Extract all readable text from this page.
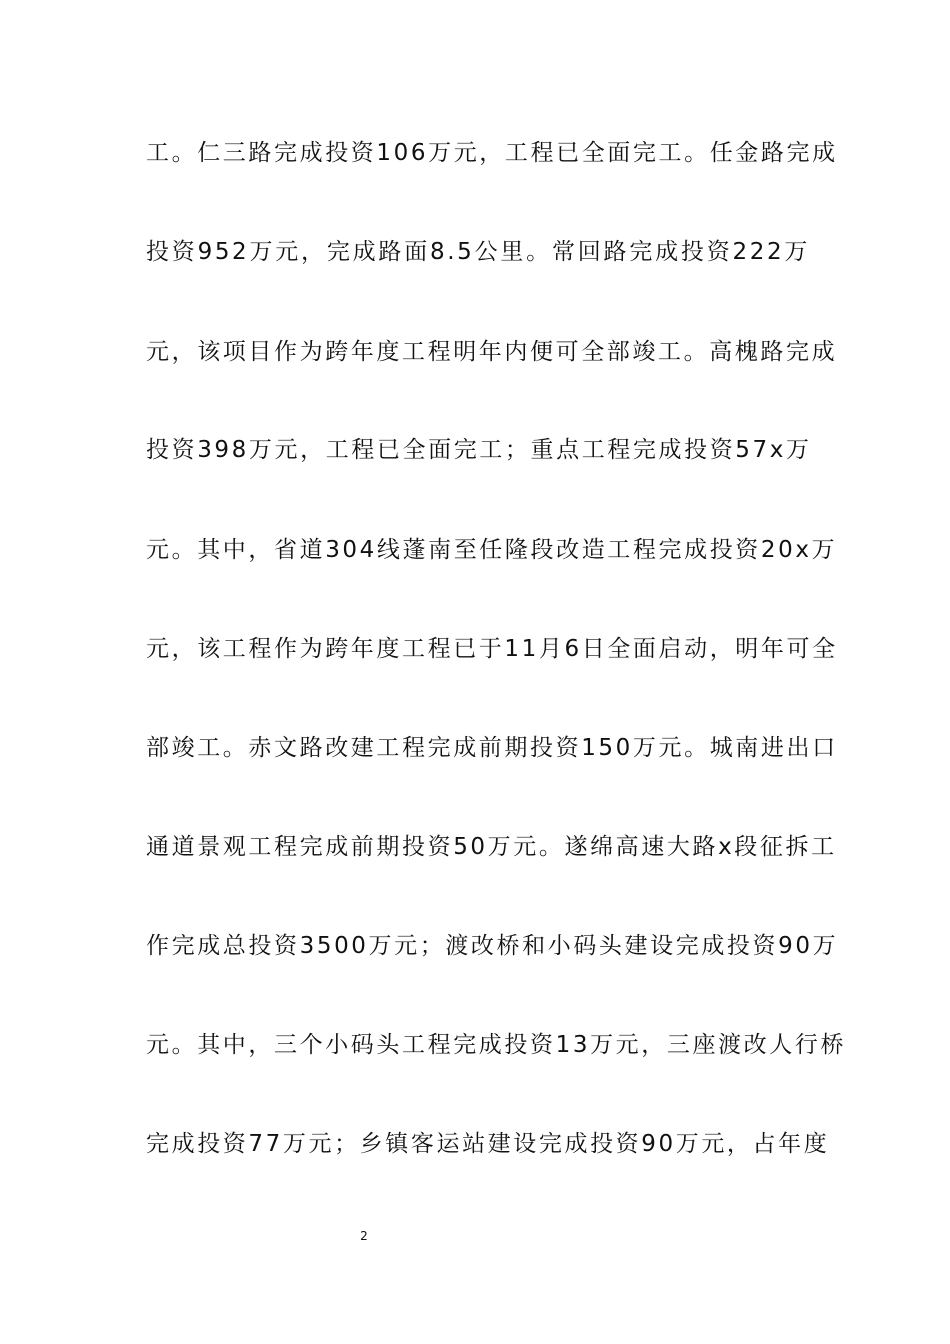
工。仁三路完成投资106万元，工程已全面完工。任金路完成
投资952万元，完成路面8.5公里。常回路完成投资222万
元，该项目作为跨年度工程明年内便可全部竣工。高槐路完成
投资398万元，工程已全面完工；重点工程完成投资57x万
元。其中，省道304线蓬南至任隆段改造工程完成投资20x万
元，该工程作为跨年度工程已于11月6日全面启动，明年可全
部竣工。赤文路改建工程完成前期投资150万元。城南进出口
通道景观工程完成前期投资50万元。遂绵高速大路x段征拆工
作完成总投资3500万元；渡改桥和小码头建设完成投资90万
元。其中，三个小码头工程完成投资13万元，三座渡改人行桥
完成投资77万元；乡镇客运站建设完成投资90万元，占年度
2
